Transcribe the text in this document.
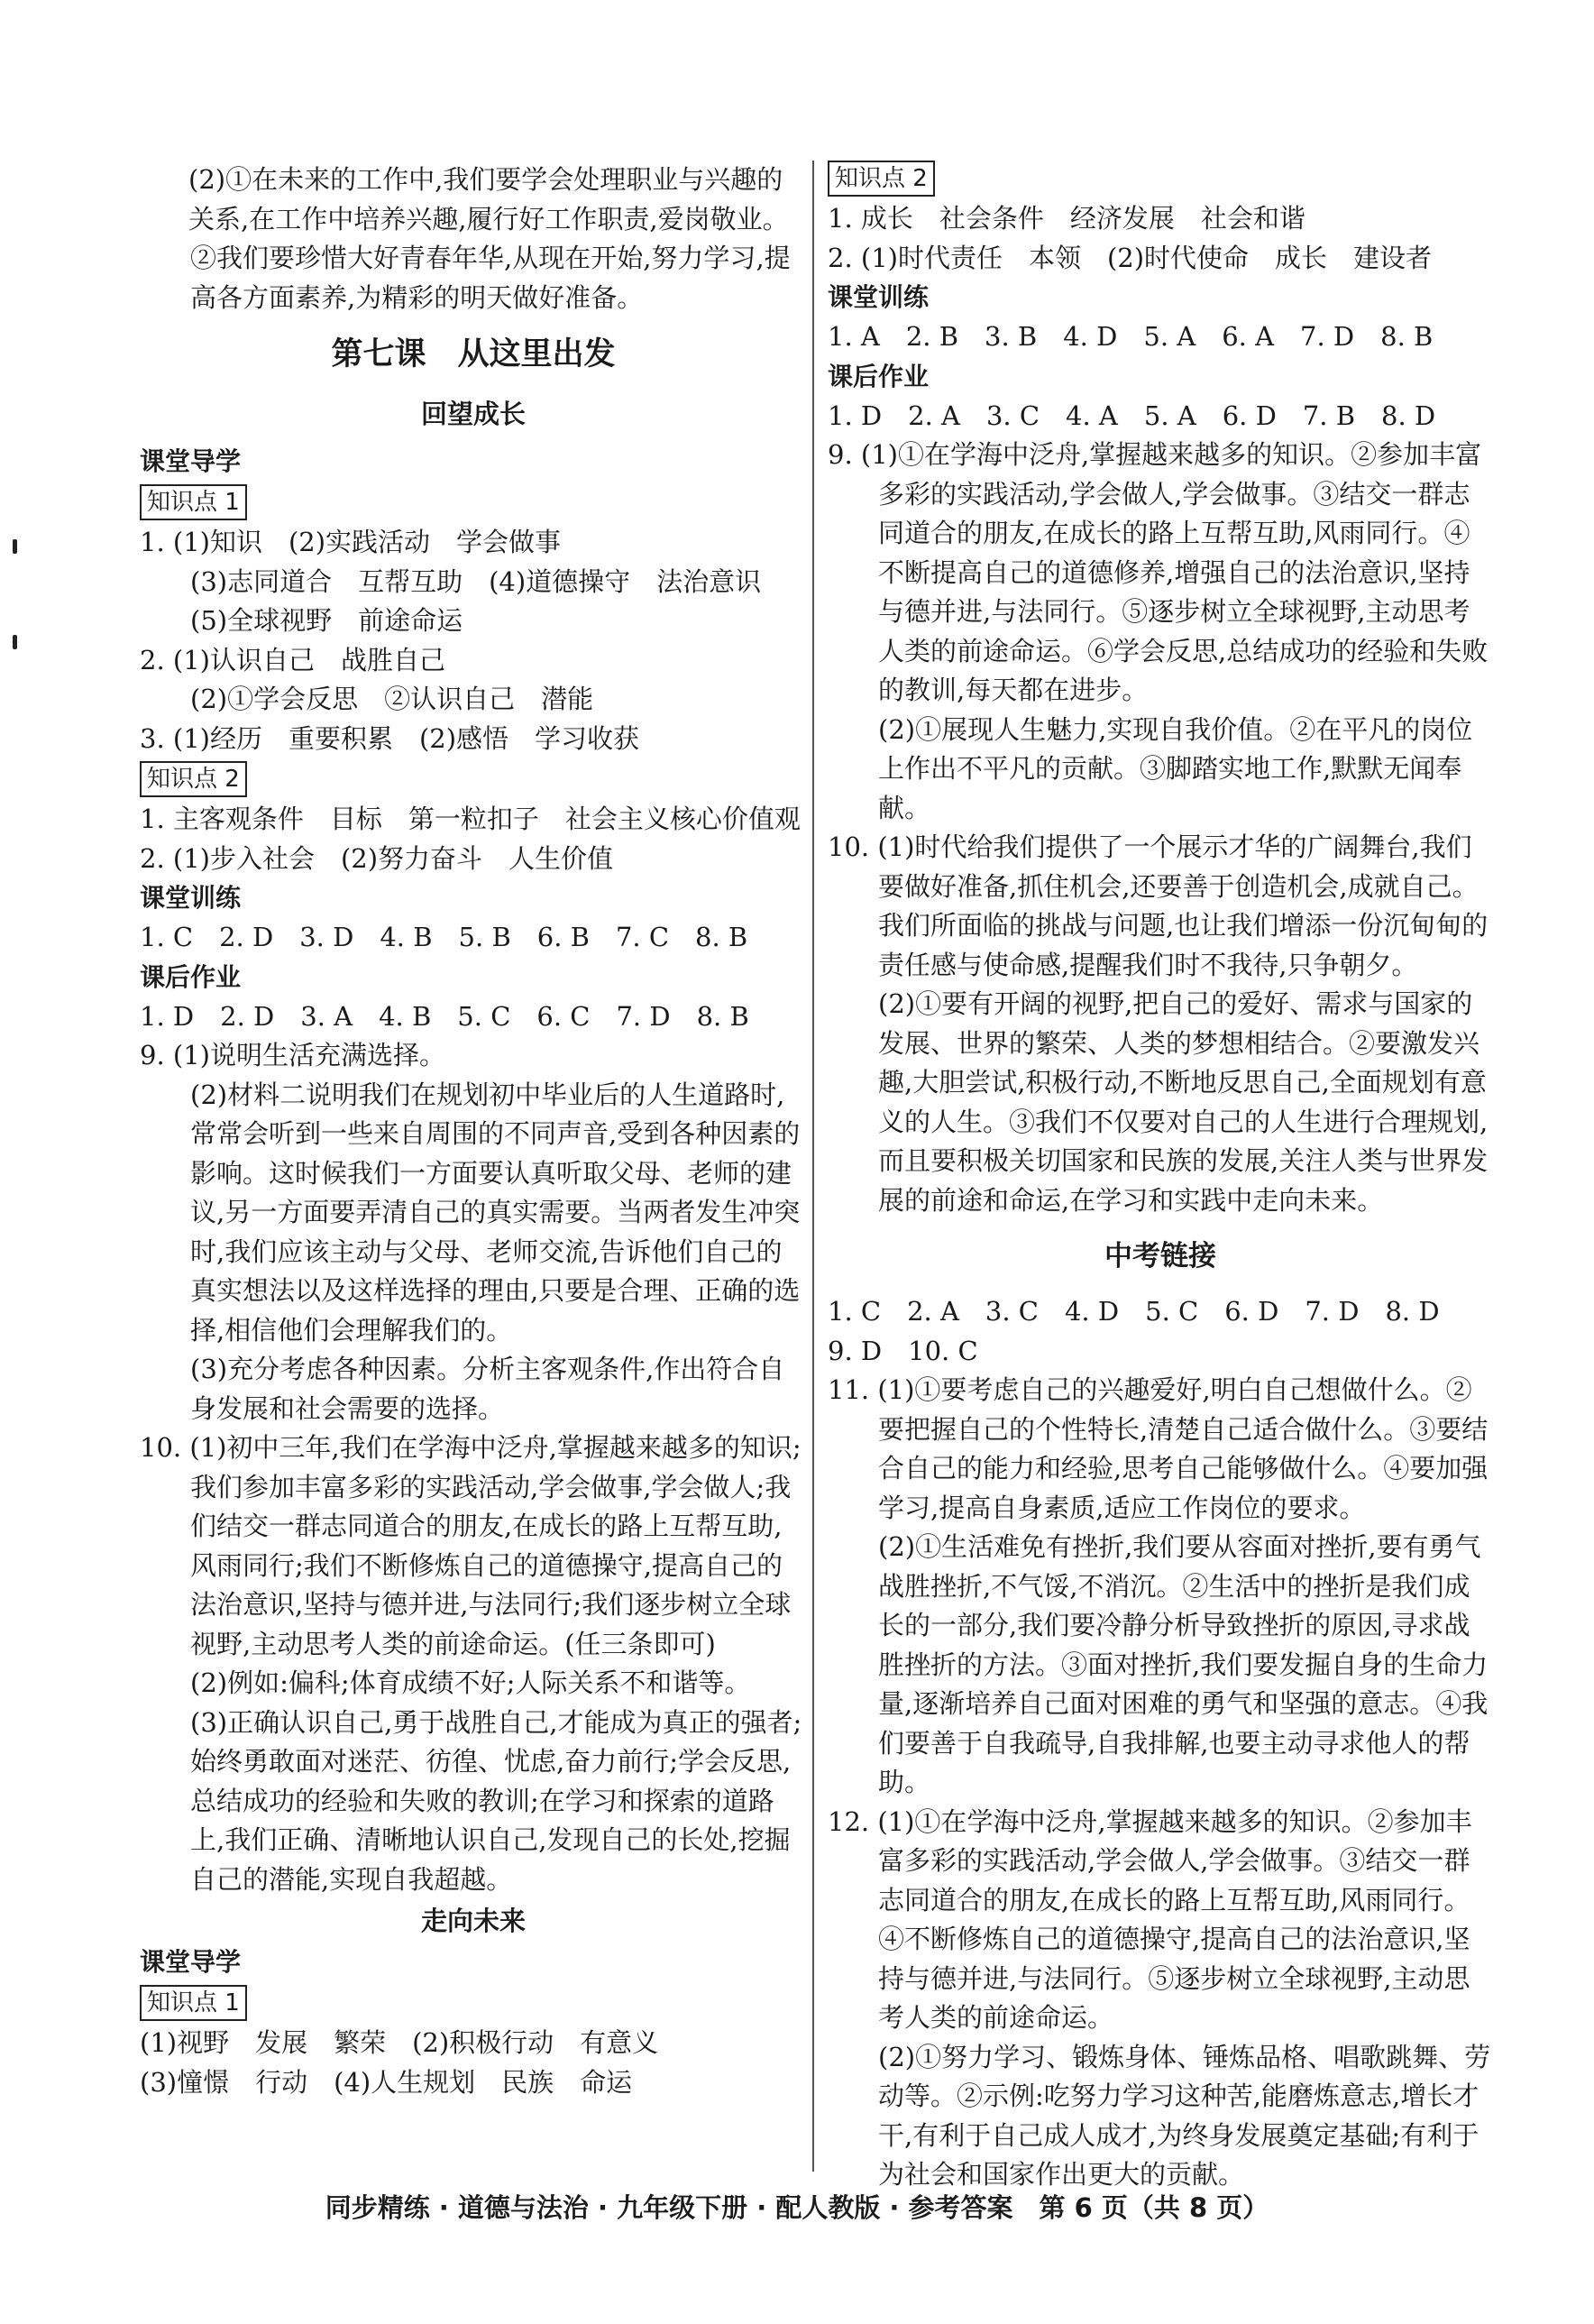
(2)①在未来的工作中,我们要学会处理职业与兴趣的关系,在工作中培养兴趣,履行好工作职责,爱岗敬业。

②我们要珍惜大好青春年华,从现在开始,努力学习,提高各方面素养,为精彩的明天做好准备。

第七课　从这里出发

回望成长

课堂导学

知识点 1

1. (1)知识　(2)实践活动　学会做事

(3)志同道合　互帮互助　(4)道德操守　法治意识

(5)全球视野　前途命运

2. (1)认识自己　战胜自己

(2)①学会反思　②认识自己　潜能

3. (1)经历　重要积累　(2)感悟　学习收获

知识点 2

1. 主客观条件　目标　第一粒扣子　社会主义核心价值观

2. (1)步入社会　(2)努力奋斗　人生价值

课堂训练

1. C　2. D　3. D　4. B　5. B　6. B　7. C　8. B

课后作业

1. D　2. D　3. A　4. B　5. C　6. C　7. D　8. B

9. (1)说明生活充满选择。

(2)材料二说明我们在规划初中毕业后的人生道路时,常常会听到一些来自周围的不同声音,受到各种因素的影响。这时候我们一方面要认真听取父母、老师的建议,另一方面要弄清自己的真实需要。当两者发生冲突时,我们应该主动与父母、老师交流,告诉他们自己的真实想法以及这样选择的理由,只要是合理、正确的选择,相信他们会理解我们的。

(3)充分考虑各种因素。分析主客观条件,作出符合自身发展和社会需要的选择。

10. (1)初中三年,我们在学海中泛舟,掌握越来越多的知识;我们参加丰富多彩的实践活动,学会做事,学会做人;我们结交一群志同道合的朋友,在成长的路上互帮互助,风雨同行;我们不断修炼自己的道德操守,提高自己的法治意识,坚持与德并进,与法同行;我们逐步树立全球视野,主动思考人类的前途命运。(任三条即可)

(2)例如:偏科;体育成绩不好;人际关系不和谐等。

(3)正确认识自己,勇于战胜自己,才能成为真正的强者;始终勇敢面对迷茫、彷徨、忧虑,奋力前行;学会反思,总结成功的经验和失败的教训;在学习和探索的道路上,我们正确、清晰地认识自己,发现自己的长处,挖掘自己的潜能,实现自我超越。

走向未来

课堂导学

知识点 1

(1)视野　发展　繁荣　(2)积极行动　有意义

(3)憧憬　行动　(4)人生规划　民族　命运

知识点 2

1. 成长　社会条件　经济发展　社会和谐

2. (1)时代责任　本领　(2)时代使命　成长　建设者

课堂训练

1. A　2. B　3. B　4. D　5. A　6. A　7. D　8. B

课后作业

1. D　2. A　3. C　4. A　5. A　6. D　7. B　8. D

9. (1)①在学海中泛舟,掌握越来越多的知识。②参加丰富多彩的实践活动,学会做人,学会做事。③结交一群志同道合的朋友,在成长的路上互帮互助,风雨同行。④不断提高自己的道德修养,增强自己的法治意识,坚持与德并进,与法同行。⑤逐步树立全球视野,主动思考人类的前途命运。⑥学会反思,总结成功的经验和失败的教训,每天都在进步。

(2)①展现人生魅力,实现自我价值。②在平凡的岗位上作出不平凡的贡献。③脚踏实地工作,默默无闻奉献。

10. (1)时代给我们提供了一个展示才华的广阔舞台,我们要做好准备,抓住机会,还要善于创造机会,成就自己。我们所面临的挑战与问题,也让我们增添一份沉甸甸的责任感与使命感,提醒我们时不我待,只争朝夕。

(2)①要有开阔的视野,把自己的爱好、需求与国家的发展、世界的繁荣、人类的梦想相结合。②要激发兴趣,大胆尝试,积极行动,不断地反思自己,全面规划有意义的人生。③我们不仅要对自己的人生进行合理规划,而且要积极关切国家和民族的发展,关注人类与世界发展的前途和命运,在学习和实践中走向未来。

中考链接

1. C　2. A　3. C　4. D　5. C　6. D　7. D　8. D

9. D　10. C

11. (1)①要考虑自己的兴趣爱好,明白自己想做什么。②要把握自己的个性特长,清楚自己适合做什么。③要结合自己的能力和经验,思考自己能够做什么。④要加强学习,提高自身素质,适应工作岗位的要求。

(2)①生活难免有挫折,我们要从容面对挫折,要有勇气战胜挫折,不气馁,不消沉。②生活中的挫折是我们成长的一部分,我们要冷静分析导致挫折的原因,寻求战胜挫折的方法。③面对挫折,我们要发掘自身的生命力量,逐渐培养自己面对困难的勇气和坚强的意志。④我们要善于自我疏导,自我排解,也要主动寻求他人的帮助。

12. (1)①在学海中泛舟,掌握越来越多的知识。②参加丰富多彩的实践活动,学会做人,学会做事。③结交一群志同道合的朋友,在成长的路上互帮互助,风雨同行。④不断修炼自己的道德操守,提高自己的法治意识,坚持与德并进,与法同行。⑤逐步树立全球视野,主动思考人类的前途命运。

(2)①努力学习、锻炼身体、锤炼品格、唱歌跳舞、劳动等。②示例:吃努力学习这种苦,能磨炼意志,增长才干,有利于自己成人成才,为终身发展奠定基础;有利于为社会和国家作出更大的贡献。

同步精练 · 道德与法治 · 九年级下册 · 配人教版 · 参考答案　第 6 页（共 8 页）
